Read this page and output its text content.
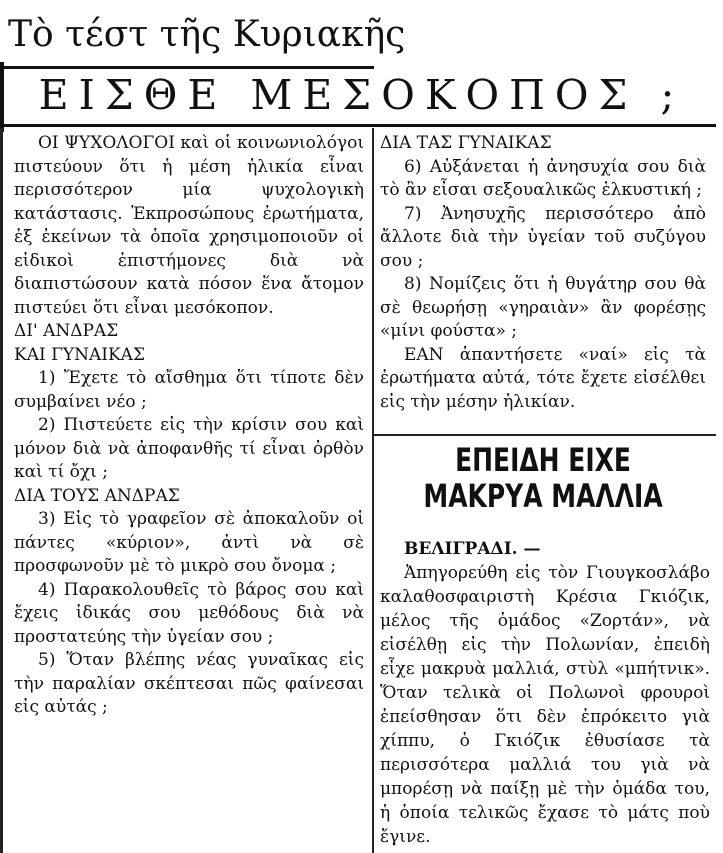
Τὸ τέστ τῆς Κυριακῆς
ΕΙΣΘΕ ΜΕΣΟΚΟΠΟΣ ;

ΟΙ ΨΥΧΟΛΟΓΟΙ καὶ οἱ κοινωνιολόγοι πιστεύουν ὅτι ἡ μέση ἡλικία εἶναι περισσότερον μία ψυχολογικὴ κατάστασις. Ἐκπροσώπους ἐρωτήματα, ἐξ ἐκείνων τὰ ὁποῖα χρησιμοποιοῦν οἱ εἰδικοὶ ἐπιστήμονες διὰ νὰ διαπιστώσουν κατὰ πόσον ἕνα ἄτομον πιστεύει ὅτι εἶναι μεσόκοπον.

ΔΙ' ΑΝΔΡΑΣ

ΚΑΙ ΓΥΝΑΙΚΑΣ

1) Ἔχετε τὸ αἴσθημα ὅτι τίποτε δὲν συμβαίνει νέο ;

2) Πιστεύετε εἰς τὴν κρίσιν σου καὶ μόνον διὰ νὰ ἀποφανθῆς τί εἶναι ὀρθὸν καὶ τί ὄχι ;

ΔΙΑ ΤΟΥΣ ΑΝΔΡΑΣ

3) Εἰς τὸ γραφεῖον σὲ ἀποκαλοῦν οἱ πάντες «κύριον», ἀντὶ νὰ σὲ προσφωνοῦν μὲ τὸ μικρὸ σου ὄνομα ;

4) Παρακολουθεῖς τὸ βάρος σου καὶ ἔχεις ἰδικάς σου μεθόδους διὰ νὰ προστατεύης τὴν ὑγείαν σου ;

5) Ὅταν βλέπης νέας γυναῖκας εἰς τὴν παραλίαν σκέπτεσαι πῶς φαίνεσαι εἰς αὐτάς ;

ΔΙΑ ΤΑΣ ΓΥΝΑΙΚΑΣ

6) Αὐξάνεται ἡ ἀνησυχία σου διὰ τὸ ἂν εἶσαι σεξουαλικῶς ἑλκυστική ;

7) Ἀνησυχῆς περισσότερο ἀπὸ ἄλλοτε διὰ τὴν ὑγείαν τοῦ συζύγου σου ;

8) Νομίζεις ὅτι ἡ θυγάτηρ σου θὰ σὲ θεωρήσῃ «γηραιὰν» ἂν φορέσῃς «μίνι φούστα» ;

ΕΑΝ ἀπαντήσετε «ναί» εἰς τὰ ἐρωτήματα αὐτά, τότε ἔχετε εἰσέλθει εἰς τὴν μέσην ἡλικίαν.

ΕΠΕΙΔΗ ΕΙΧΕ
ΜΑΚΡΥΑ ΜΑΛΛΙΑ

ΒΕΛΙΓΡΑΔΙ. —

Ἀπηγορεύθη εἰς τὸν Γιουγκοσλάβο καλαθοσφαιριστὴ Κρέσια Γκιόζικ, μέλος τῆς ὁμάδος «Ζορτάν», νὰ εἰσέλθῃ εἰς τὴν Πολωνίαν, ἐπειδὴ εἶχε μακρυὰ μαλλιά, στὺλ «μπήτνικ». Ὅταν τελικὰ οἱ Πολωνοὶ φρουροὶ ἐπείσθησαν ὅτι δὲν ἐπρόκειτο γιὰ χίππυ, ὁ Γκιόζικ ἐθυσίασε τὰ περισσότερα μαλλιά του γιὰ νὰ μπορέσῃ νὰ παίξῃ μὲ τὴν ὁμάδα του, ἡ ὁποία τελικῶς ἔχασε τὸ μάτς ποὺ ἔγινε.
